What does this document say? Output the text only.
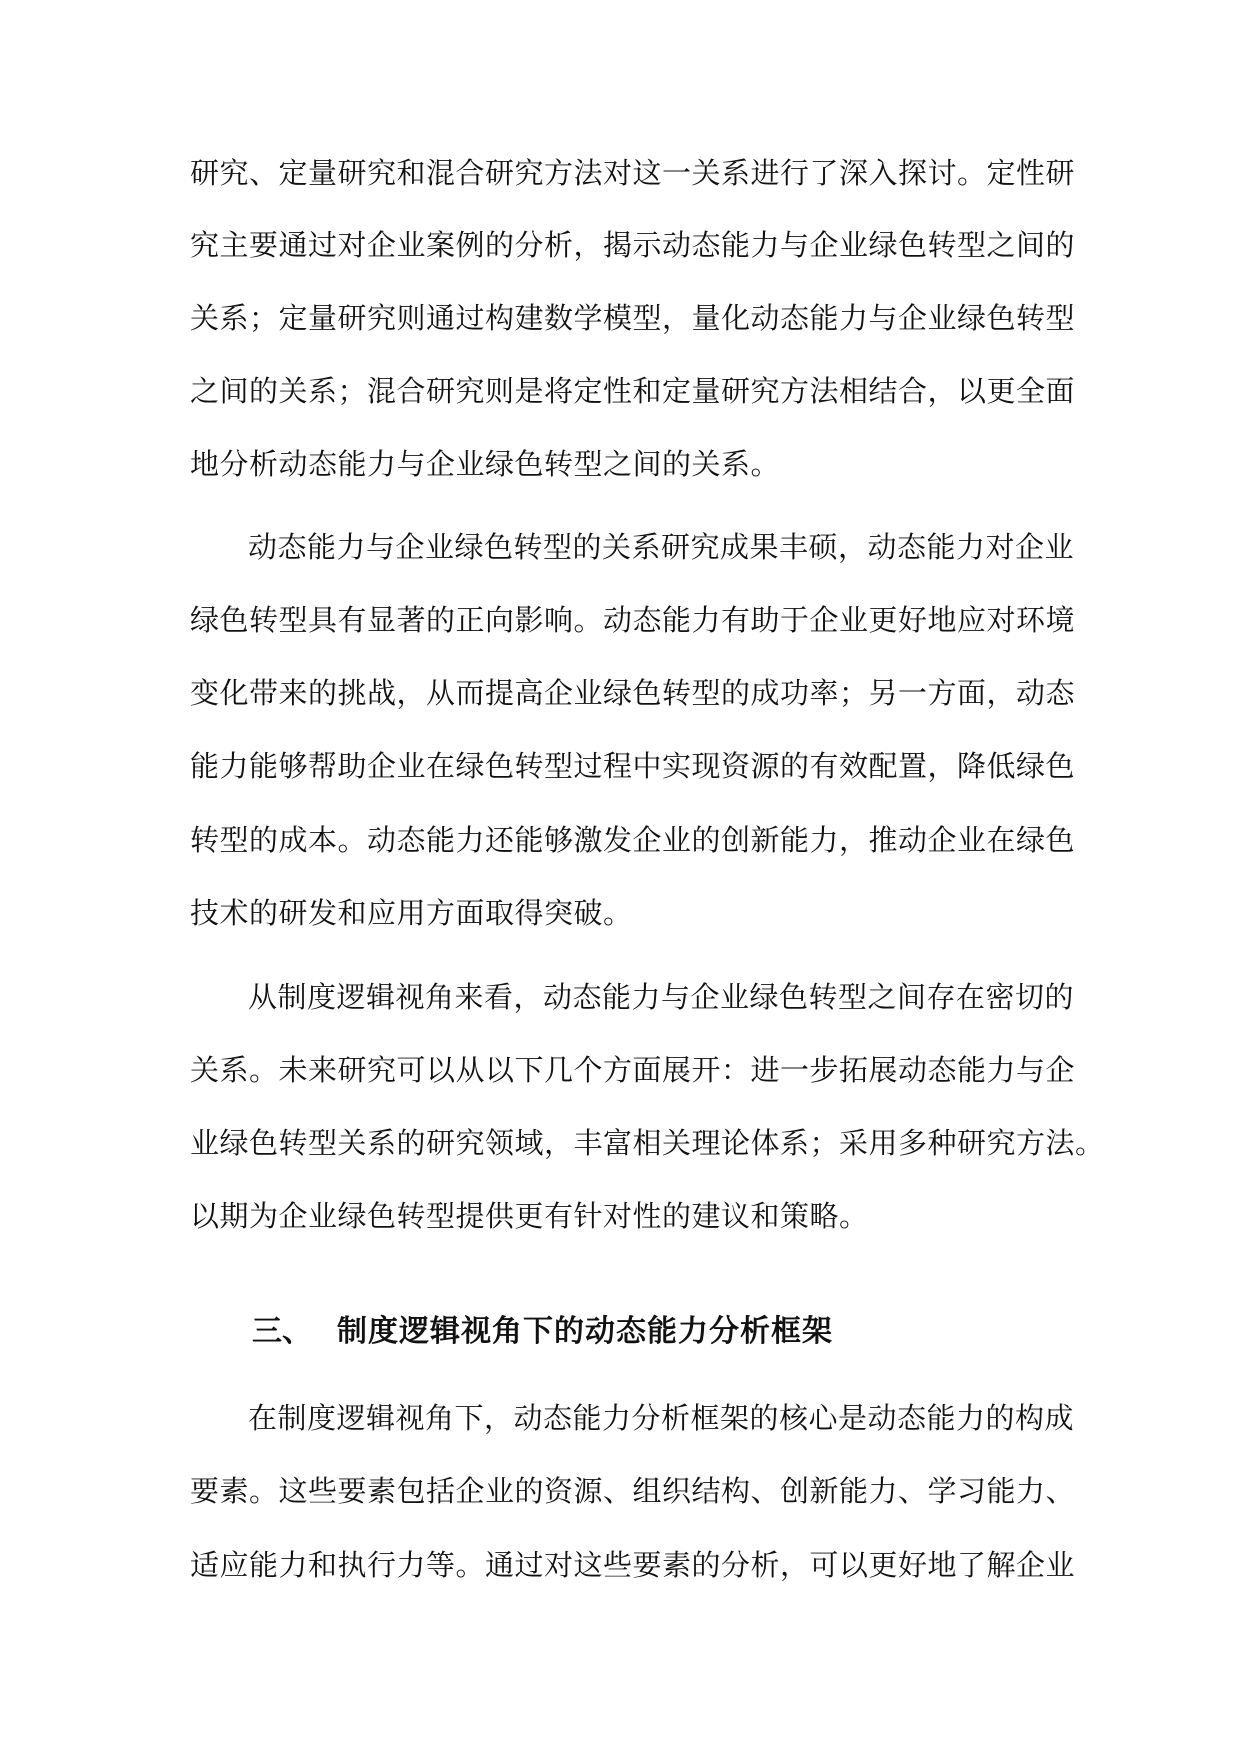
研究、定量研究和混合研究方法对这一关系进行了深入探讨。定性研

究主要通过对企业案例的分析，揭示动态能力与企业绿色转型之间的

关系；定量研究则通过构建数学模型，量化动态能力与企业绿色转型

之间的关系；混合研究则是将定性和定量研究方法相结合，以更全面

地分析动态能力与企业绿色转型之间的关系。

动态能力与企业绿色转型的关系研究成果丰硕，动态能力对企业

绿色转型具有显著的正向影响。动态能力有助于企业更好地应对环境

变化带来的挑战，从而提高企业绿色转型的成功率；另一方面，动态

能力能够帮助企业在绿色转型过程中实现资源的有效配置，降低绿色

转型的成本。动态能力还能够激发企业的创新能力，推动企业在绿色

技术的研发和应用方面取得突破。

从制度逻辑视角来看，动态能力与企业绿色转型之间存在密切的

关系。未来研究可以从以下几个方面展开：进一步拓展动态能力与企

业绿色转型关系的研究领域，丰富相关理论体系；采用多种研究方法。

以期为企业绿色转型提供更有针对性的建议和策略。

三、 制度逻辑视角下的动态能力分析框架

在制度逻辑视角下，动态能力分析框架的核心是动态能力的构成

要素。这些要素包括企业的资源、组织结构、创新能力、学习能力、

适应能力和执行力等。通过对这些要素的分析，可以更好地了解企业
